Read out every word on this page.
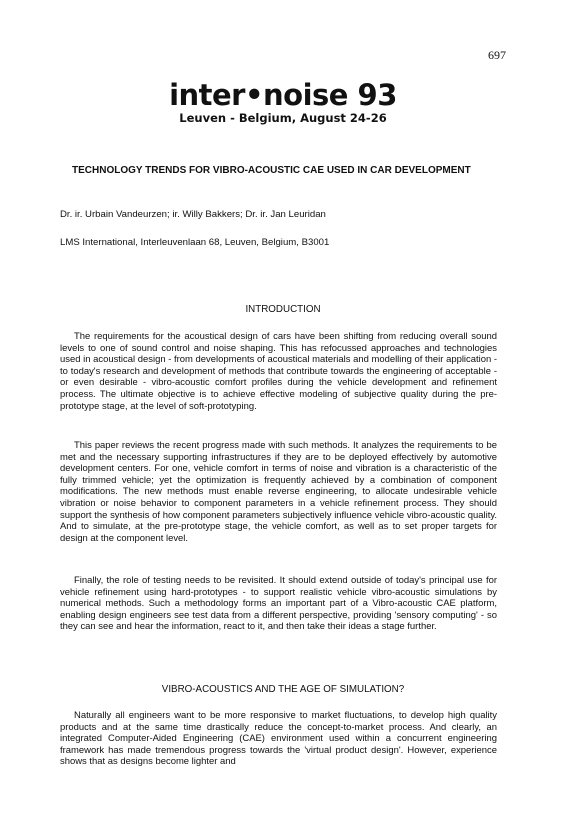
697
inter•noise 93
Leuven - Belgium, August 24-26
TECHNOLOGY TRENDS FOR VIBRO-ACOUSTIC CAE USED IN CAR DEVELOPMENT
Dr. ir. Urbain Vandeurzen; ir. Willy Bakkers; Dr. ir. Jan Leuridan
LMS International, Interleuvenlaan 68, Leuven, Belgium, B3001
INTRODUCTION

The requirements for the acoustical design of cars have been shifting from reducing overall sound levels to one of sound control and noise shaping. This has refocussed approaches and technologies used in acoustical design - from developments of acoustical materials and modelling of their application - to today's research and development of methods that contribute towards the engineering of acceptable - or even desirable - vibro-acoustic comfort profiles during the vehicle development and refinement process. The ultimate objective is to achieve effective modeling of subjective quality during the pre-prototype stage, at the level of soft-prototyping.

This paper reviews the recent progress made with such methods. It analyzes the requirements to be met and the necessary supporting infrastructures if they are to be deployed effectively by automotive development centers. For one, vehicle comfort in terms of noise and vibration is a characteristic of the fully trimmed vehicle; yet the optimization is frequently achieved by a combination of component modifications. The new methods must enable reverse engineering, to allocate undesirable vehicle vibration or noise behavior to component parameters in a vehicle refinement process. They should support the synthesis of how component parameters subjectively influence vehicle vibro-acoustic quality. And to simulate, at the pre-prototype stage, the vehicle comfort, as well as to set proper targets for design at the component level.

Finally, the role of testing needs to be revisited. It should extend outside of today's principal use for vehicle refinement using hard-prototypes - to support realistic vehicle vibro-acoustic simulations by numerical methods. Such a methodology forms an important part of a Vibro-acoustic CAE platform, enabling design engineers see test data from a different perspective, providing 'sensory computing' - so they can see and hear the information, react to it, and then take their ideas a stage further.

VIBRO-ACOUSTICS AND THE AGE OF SIMULATION?

Naturally all engineers want to be more responsive to market fluctuations, to develop high quality products and at the same time drastically reduce the concept-to-market process. And clearly, an integrated Computer-Aided Engineering (CAE) environment used within a concurrent engineering framework has made tremendous progress towards the 'virtual product design'. However, experience shows that as designs become lighter and
